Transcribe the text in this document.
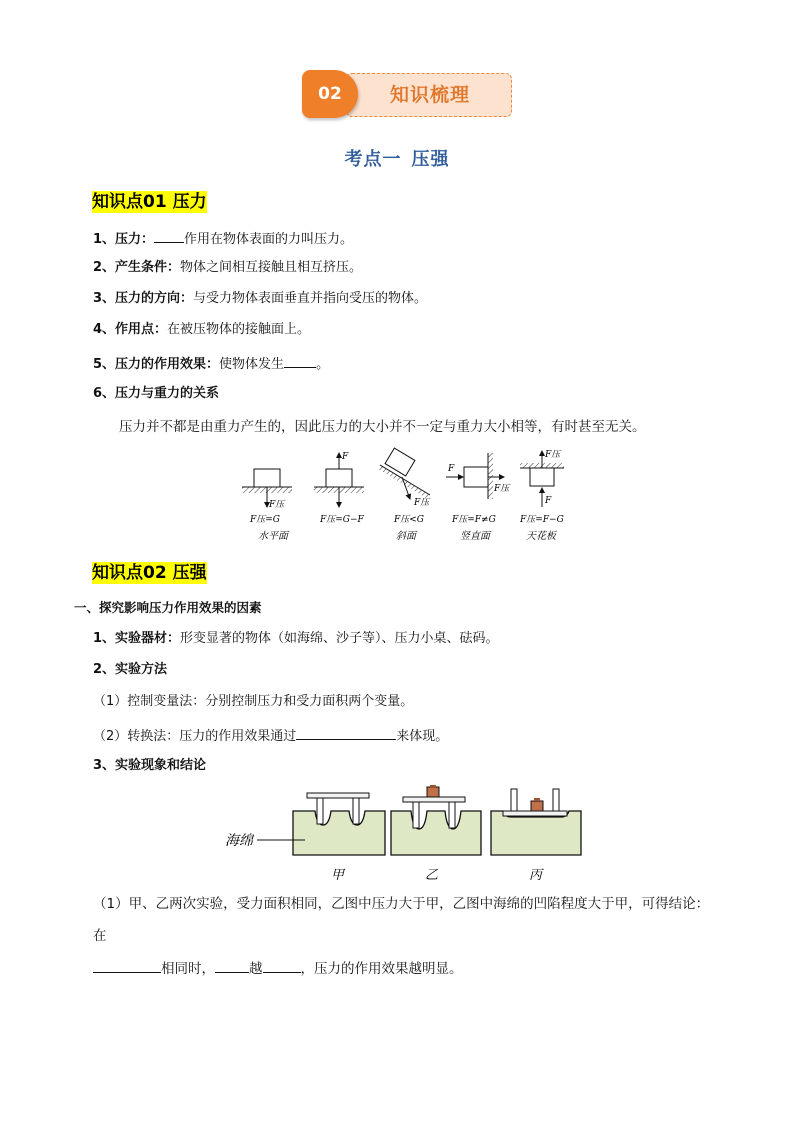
02	知识梳理
考点一 压强
知识点01 压力
1、压力： 作用在物体表面的力叫压力。
2、产生条件：物体之间相互接触且相互挤压。
3、压力的方向：与受力物体表面垂直并指向受压的物体。
4、作用点：在被压物体的接触面上。
5、压力的作用效果：使物体发生 。
6、压力与重力的关系
压力并不都是由重力产生的，因此压力的大小并不一定与重力大小相等，有时甚至无关。
F压
F压=G
F
F压=G−F
F压
F压<G
F
F压
F压=F≠G
F压
F
F压=F−G
水平面	斜面	竖直面	天花板
知识点02 压强
一、探究影响压力作用效果的因素
1、实验器材：形变显著的物体（如海绵、沙子等）、压力小桌、砝码。
2、实验方法
（1）控制变量法：分别控制压力和受力面积两个变量。
（2）转换法：压力的作用效果通过	来体现。
3、实验现象和结论
甲	乙	丙
海绵
（1）甲、乙两次实验，受力面积相同，乙图中压力大于甲，乙图中海绵的凹陷程度大于甲，可得结论：
在
相同时，	越	，压力的作用效果越明显。
